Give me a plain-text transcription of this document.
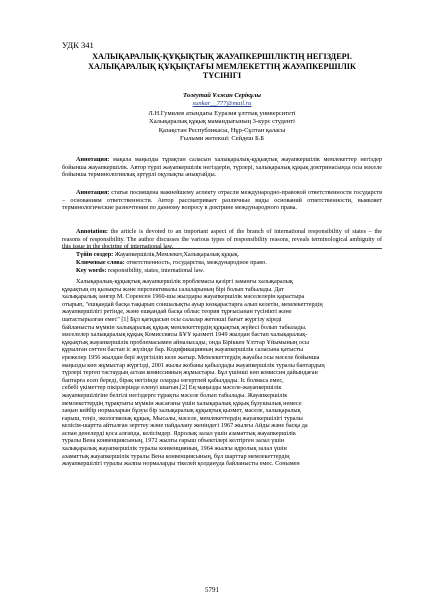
УДК 341
ХАЛЫҚАРАЛЫҚ-ҚҰҚЫҚТЫҚ ЖАУАПКЕРШІЛІКТІҢ НЕГІЗДЕРІ.
ХАЛЫҚАРАЛЫҚ ҚҰҚЫҚТАҒЫ МЕМЛЕКЕТТІҢ ЖАУАПКЕРШІЛІК
ТҮСІНІГІ
Толеутай Ұлжан Серікұлы
sunkar__777@mail.ru
Л.Н.Гумилев атындағы Еуразия ұлттық университеті
Халықаралық құқық мамандығының 3-курс студенті
Қазақстан Республикасы, Нұр-Сұлтан қаласы
Ғылыми жетекші: Сейдеш Б.Б
Аннотация: мақала маңызды тұрақтан саласын халықаралық-құқықтық жауапкершілік мемлекеттер негіздер бойынша жауапкершілік. Автор түрлі жауапкершілік негіздерін, түрлері, халықаралық құқық доктринасында осы мәселе бойынша терминологиялық әртүрлі оқулықты анықтайды.
Аннотация: статья посвящена важнейшему аспекту отрасли международно-правовой ответственности государств – основаниям ответственности. Автор рассматривает различные виды оснований ответственности, выявляет терминологические разночтения по данному вопросу в доктрине международного права.
Annotation: the article is devoted to an important aspect of the branch of international responsibility of states – the reasons of responsibility. The author discusses the various types of responsibility reasons, reveals terminological ambiguity of this issue in the doctrine of international law.
Түйін сөздер: Жауапкершілік,Мемлекет,Халықаралық құқық.
Ключевые слова: ответственность, государства, международное право.
Key words: responsibility, states, international law.
Халықаралық-құқықтық жауапкершілік проблемасы қазіргі заманғы халықаралық
құқықтың ең қызықты және перспективалы салаларының бірі болып табылады. Дат
халықаралық зангер М. Соренсен 1960-шы жылдары жауапкершілік мәселелерін қарастыра
отырып, "ешқандай басқа тақырып соншалықты ауыр көзқарастарға алып келетін, мемлекеттердің
жауапкершілігі ретінде, және ешқандай басқа облыс теория тұрғысынан түсінікті және
шатастырылған емес" [1] Бұл қағидасын осы салалар жетекші бағыт жүргізу кіреді
байланысты мүмкін халықаралық құқық мемлекеттердің құқықтық жүйесі болып табылады.
мәселелер халықаралық құқық Комиссиясы БҰҰ қызметі 1949 жылдан бастап халықаралық-
құқықтық жауапкершілік проблемасымен айналысады, онда Біріккен Ұлттар Ұйымының осы
құрылған сөттен бастап іс жүзінде бар. Кодификацияның жауапкершілік саласына қатысты
ережелер 1956 жылдан бері жүргізіліп келе жатыр. Мемлекеттердің жауабы осы мәселе бойынша
маңызды көп жұмыстар жүргізді, 2001 жылы жобаны қабылдады жауапкершілік туралы баптардың
түрлері тергеп тастаудың астам комиссияның жұмыстары. Бұл үшінші көп комиссия дайындаған
баптарға есеп береді, бірақ негізінде оларды өзгертпей қабылдады. Іс болмаса емес,
себебі үкіметтер пікірлерінде еленуі шығын.[2] Ең маңызды мәселе-жауапкершілік
жауапкершілігіне белгілі негіздерге тұрақты мәселе болып табылады. Жауапкершілік
мемлекеттердің тұрақтығы мүмкін жасағаны үшін халықаралық құқық бұзушылық немесе
заңын кейбір нормаларын бұзуы бір халықаралық құқықтық қызмет, маселе, халықаралық
ғарыш, теңіз, экологиялық құқық. Мысалы, мәселе, мемлекеттердің жауапкершілігі туралы
келісім-шартта айтылған зерттеу және пайдалану женіндегі 1967 жылғы Айды және басқа да
аспан денелерді қоса алғанда, келісімдер. Ядролық залал үшін азаматтық жауапкершілік
туралы Вена конвенциясының, 1972 жылғы ғарыш объектілері келтірген залал үшін
халықаралық жауапкершілік туралы конвенцияның, 1964 жылғы ядролық залал үшін
азаматтық жауапкершілік туралы Вена конвенциясының, бұл шарттар мемлекеттердің
жауапкершілігі туралы жалпы нормаларды тікелей қолдануда байланысты емес. Сонымен
5791
